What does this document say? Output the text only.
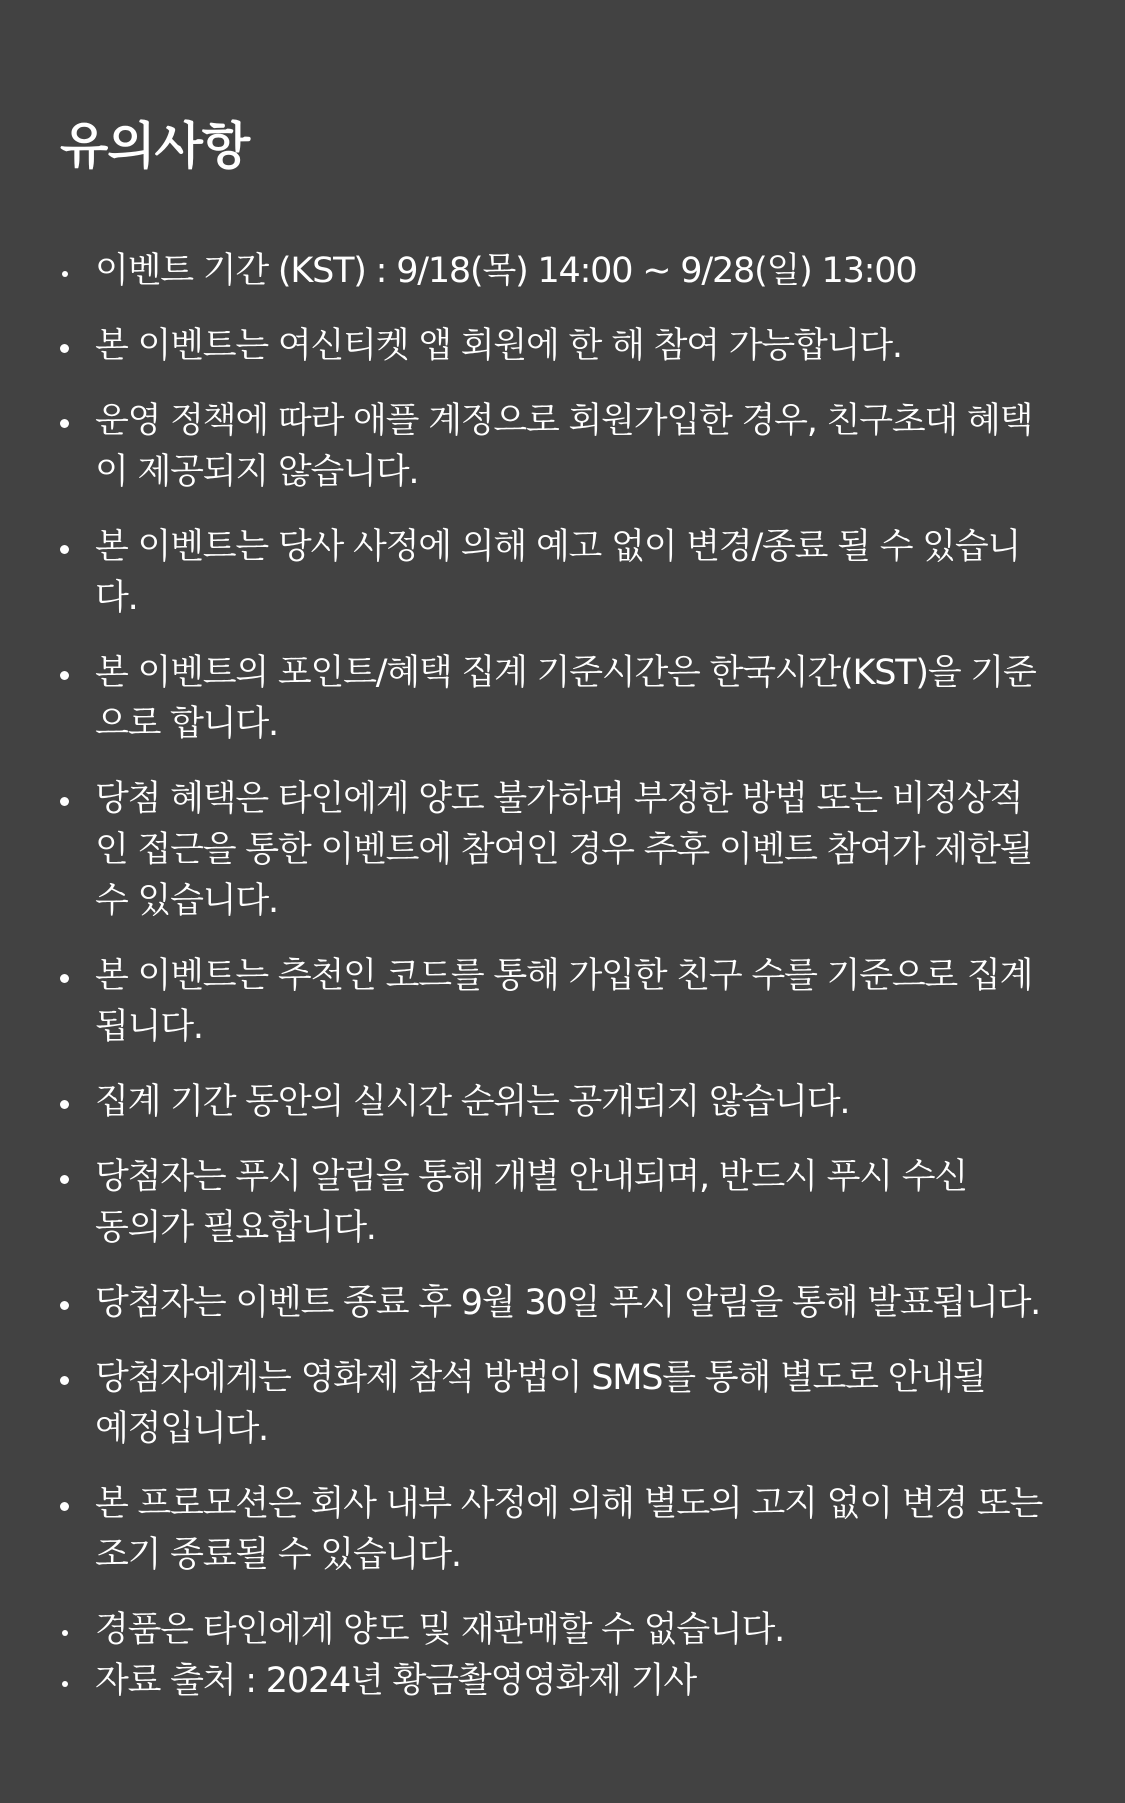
유의사항
이벤트 기간 (KST) : 9/18(목) 14:00 ~ 9/28(일) 13:00
본 이벤트는 여신티켓 앱 회원에 한 해 참여 가능합니다.
운영 정책에 따라 애플 계정으로 회원가입한 경우, 친구초대 혜택
이 제공되지 않습니다.
본 이벤트는 당사 사정에 의해 예고 없이 변경/종료 될 수 있습니
다.
본 이벤트의 포인트/혜택 집계 기준시간은 한국시간(KST)을 기준
으로 합니다.
당첨 혜택은 타인에게 양도 불가하며 부정한 방법 또는 비정상적
인 접근을 통한 이벤트에 참여인 경우 추후 이벤트 참여가 제한될
수 있습니다.
본 이벤트는 추천인 코드를 통해 가입한 친구 수를 기준으로 집계
됩니다.
집계 기간 동안의 실시간 순위는 공개되지 않습니다.
당첨자는 푸시 알림을 통해 개별 안내되며, 반드시 푸시 수신
동의가 필요합니다.
당첨자는 이벤트 종료 후 9월 30일 푸시 알림을 통해 발표됩니다.
당첨자에게는 영화제 참석 방법이 SMS를 통해 별도로 안내될
예정입니다.
본 프로모션은 회사 내부 사정에 의해 별도의 고지 없이 변경 또는
조기 종료될 수 있습니다.
경품은 타인에게 양도 및 재판매할 수 없습니다.
자료 출처 : 2024년 황금촬영영화제 기사
